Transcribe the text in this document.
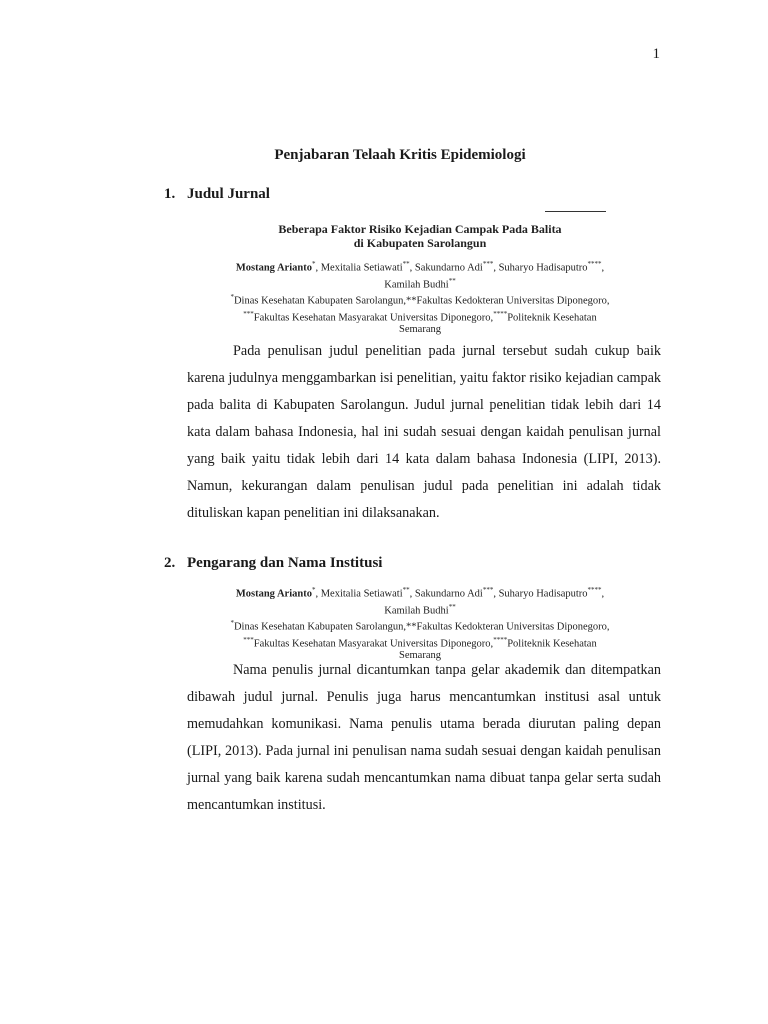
1
Penjabaran Telaah Kritis Epidemiologi
1. Judul Jurnal
Beberapa Faktor Risiko Kejadian Campak Pada Balita
di Kabupaten Sarolangun
Mostang Arianto*, Mexitalia Setiawati**, Sakundarno Adi***, Suharyo Hadisaputro****,
Kamilah Budhi**
*Dinas Kesehatan Kabupaten Sarolangun,**Fakultas Kedokteran Universitas Diponegoro,
***Fakultas Kesehatan Masyarakat Universitas Diponegoro,****Politeknik Kesehatan
Semarang

Pada penulisan judul penelitian pada jurnal tersebut sudah cukup baik karena judulnya menggambarkan isi penelitian, yaitu faktor risiko kejadian campak pada balita di Kabupaten Sarolangun. Judul jurnal penelitian tidak lebih dari 14 kata dalam bahasa Indonesia, hal ini sudah sesuai dengan kaidah penulisan jurnal yang baik yaitu tidak lebih dari 14 kata dalam bahasa Indonesia (LIPI, 2013). Namun, kekurangan dalam penulisan judul pada penelitian ini adalah tidak dituliskan kapan penelitian ini dilaksanakan.

2. Pengarang dan Nama Institusi
Mostang Arianto*, Mexitalia Setiawati**, Sakundarno Adi***, Suharyo Hadisaputro****,
Kamilah Budhi**
*Dinas Kesehatan Kabupaten Sarolangun,**Fakultas Kedokteran Universitas Diponegoro,
***Fakultas Kesehatan Masyarakat Universitas Diponegoro,****Politeknik Kesehatan
Semarang

Nama penulis jurnal dicantumkan tanpa gelar akademik dan ditempatkan dibawah judul jurnal. Penulis juga harus mencantumkan institusi asal untuk memudahkan komunikasi. Nama penulis utama berada diurutan paling depan (LIPI, 2013). Pada jurnal ini penulisan nama sudah sesuai dengan kaidah penulisan jurnal yang baik karena sudah mencantumkan nama dibuat tanpa gelar serta sudah mencantumkan institusi.
